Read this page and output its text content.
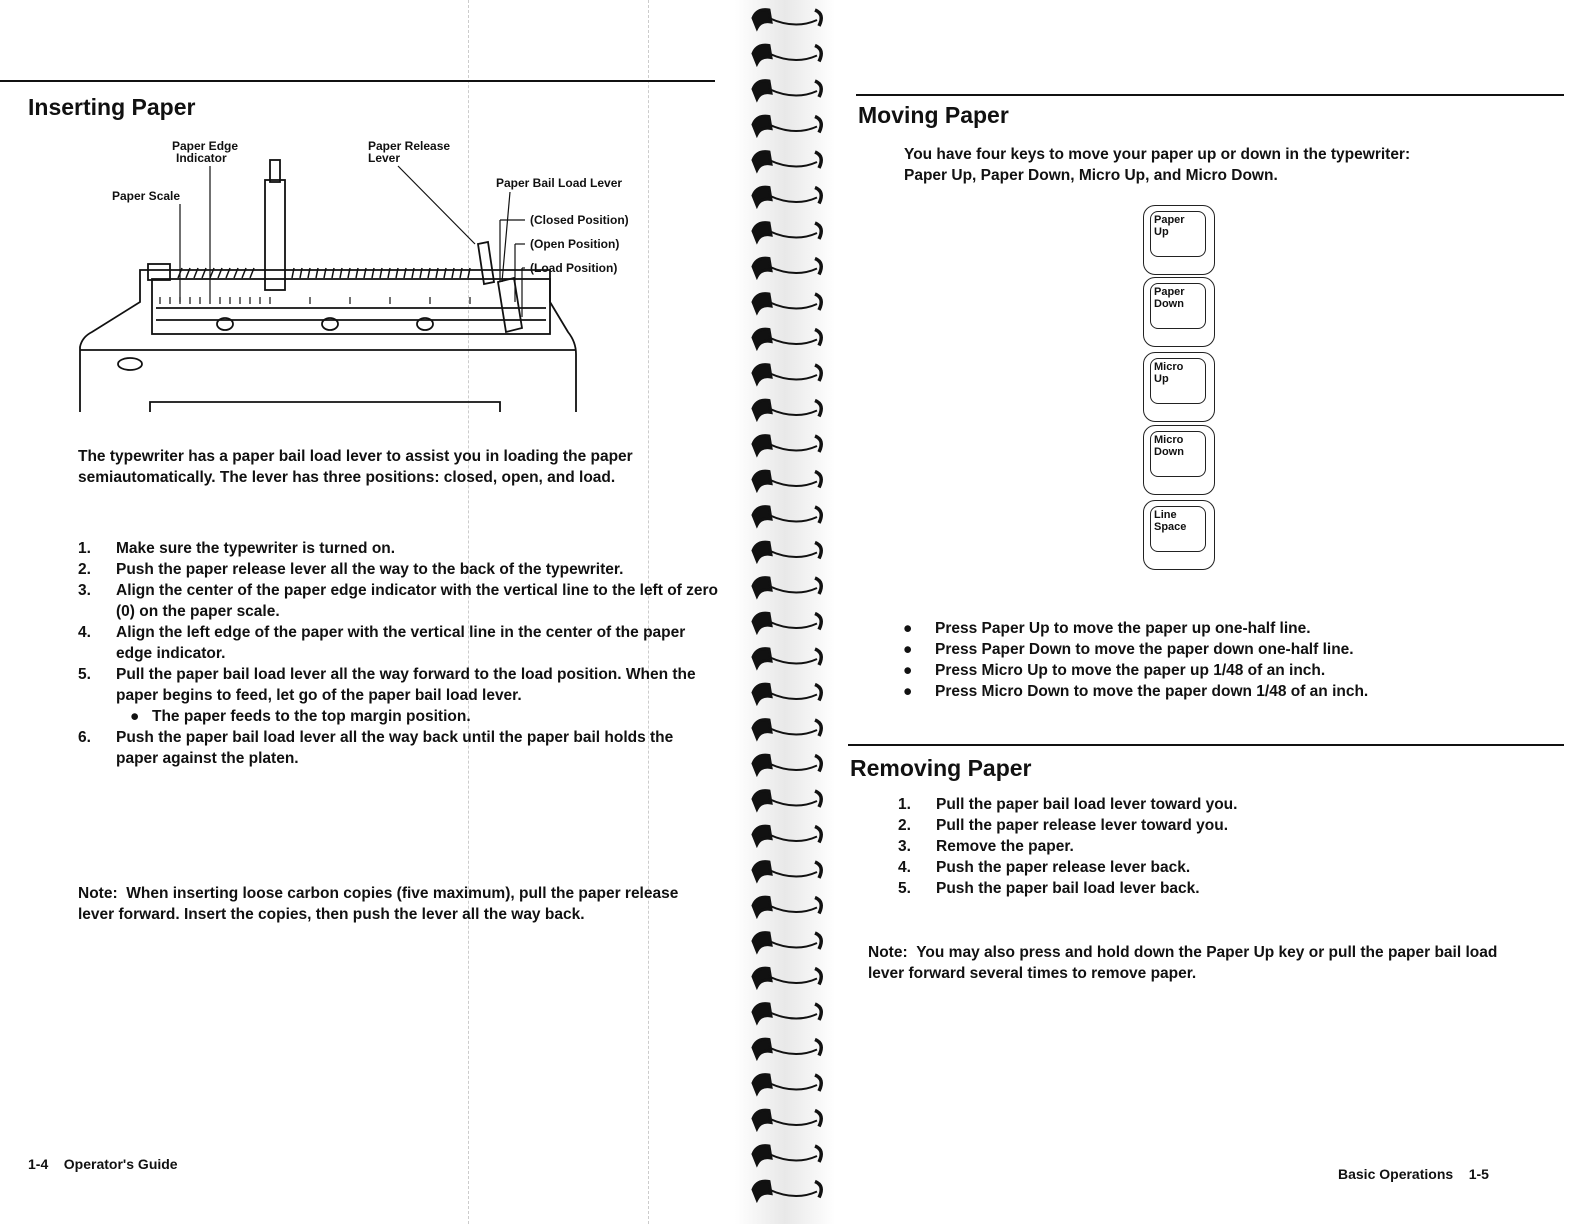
Inserting Paper
Paper Edge
Indicator
Paper Scale
Paper Release
Lever
Paper Bail Load Lever
(Closed Position)
(Open Position)
(Load Position)

The typewriter has a paper bail load lever to assist you in loading the paper semiautomatically. The lever has three positions: closed, open, and load.

1. Make sure the typewriter is turned on.
2. Push the paper release lever all the way to the back of the typewriter.
3. Align the center of the paper edge indicator with the vertical line to the left of zero (0) on the paper scale.
4. Align the left edge of the paper with the vertical line in the center of the paper edge indicator.
5. Pull the paper bail load lever all the way forward to the load position. When the paper begins to feed, let go of the paper bail load lever.
● The paper feeds to the top margin position.
6. Push the paper bail load lever all the way back until the paper bail holds the paper against the platen.

Note: When inserting loose carbon copies (five maximum), pull the paper release lever forward. Insert the copies, then push the lever all the way back.

1-4 Operator's Guide
Moving Paper

You have four keys to move your paper up or down in the typewriter:
Paper Up, Paper Down, Micro Up, and Micro Down.

Paper
Up
Paper
Down
Micro
Up
Micro
Down
Line
Space
● Press Paper Up to move the paper up one-half line.
● Press Paper Down to move the paper down one-half line.
● Press Micro Up to move the paper up 1/48 of an inch.
● Press Micro Down to move the paper down 1/48 of an inch.
Removing Paper
1. Pull the paper bail load lever toward you.
2. Pull the paper release lever toward you.
3. Remove the paper.
4. Push the paper release lever back.
5. Push the paper bail load lever back.

Note: You may also press and hold down the Paper Up key or pull the paper bail load lever forward several times to remove paper.

Basic Operations 1-5
